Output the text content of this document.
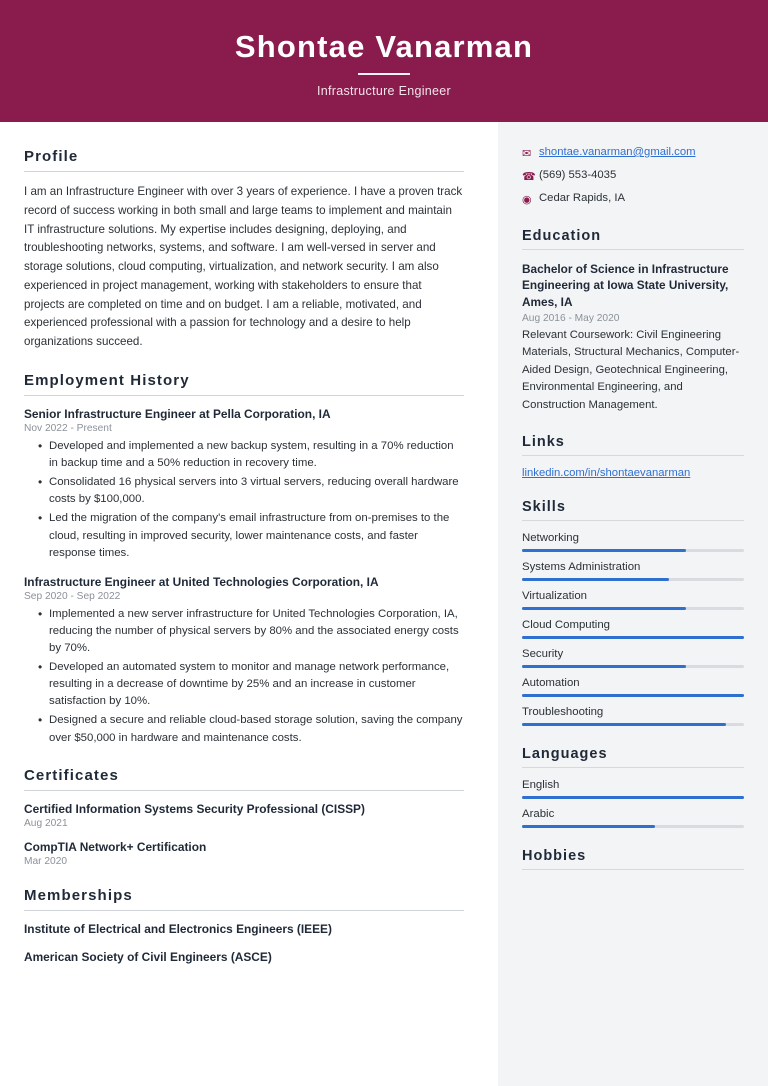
Shontae Vanarman
Infrastructure Engineer
Profile
I am an Infrastructure Engineer with over 3 years of experience. I have a proven track record of success working in both small and large teams to implement and maintain IT infrastructure solutions. My expertise includes designing, deploying, and troubleshooting networks, systems, and software. I am well-versed in server and storage solutions, cloud computing, virtualization, and network security. I am also experienced in project management, working with stakeholders to ensure that projects are completed on time and on budget. I am a reliable, motivated, and experienced professional with a passion for technology and a desire to help organizations succeed.
Employment History
Senior Infrastructure Engineer at Pella Corporation, IA
Nov 2022 - Present
• Developed and implemented a new backup system, resulting in a 70% reduction in backup time and a 50% reduction in recovery time.
• Consolidated 16 physical servers into 3 virtual servers, reducing overall hardware costs by $100,000.
• Led the migration of the company's email infrastructure from on-premises to the cloud, resulting in improved security, lower maintenance costs, and faster response times.
Infrastructure Engineer at United Technologies Corporation, IA
Sep 2020 - Sep 2022
• Implemented a new server infrastructure for United Technologies Corporation, IA, reducing the number of physical servers by 80% and the associated energy costs by 70%.
• Developed an automated system to monitor and manage network performance, resulting in a decrease of downtime by 25% and an increase in customer satisfaction by 10%.
• Designed a secure and reliable cloud-based storage solution, saving the company over $50,000 in hardware and maintenance costs.
Certificates
Certified Information Systems Security Professional (CISSP)
Aug 2021
CompTIA Network+ Certification
Mar 2020
Memberships
Institute of Electrical and Electronics Engineers (IEEE)
American Society of Civil Engineers (ASCE)
✉ shontae.vanarman@gmail.com
☎ (569) 553-4035
◉ Cedar Rapids, IA
Education
Bachelor of Science in Infrastructure Engineering at Iowa State University, Ames, IA
Aug 2016 - May 2020
Relevant Coursework: Civil Engineering Materials, Structural Mechanics, Computer-Aided Design, Geotechnical Engineering, Environmental Engineering, and Construction Management.
Links
linkedin.com/in/shontaevanarman
Skills
Networking
Systems Administration
Virtualization
Cloud Computing
Security
Automation
Troubleshooting
Languages
English
Arabic
Hobbies
